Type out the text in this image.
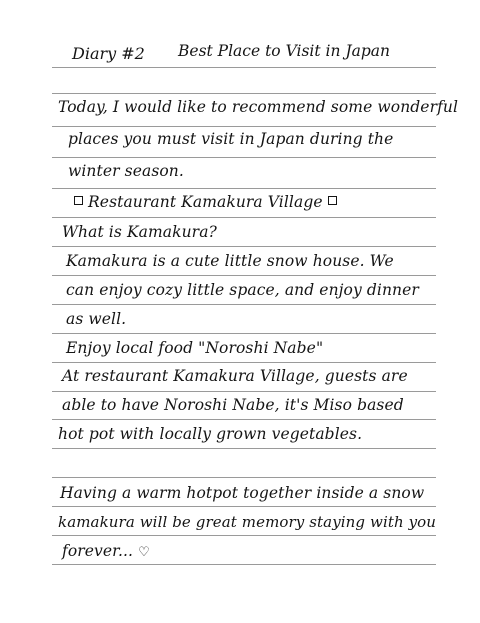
Diary #2 Best Place to Visit in Japan
Today, I would like to recommend some wonderful
places you must visit in Japan during the
winter season.
Restaurant Kamakura Village
What is Kamakura?
Kamakura is a cute little snow house. We
can enjoy cozy little space, and enjoy dinner
as well.
Enjoy local food "Noroshi Nabe"
At restaurant Kamakura Village, guests are
able to have Noroshi Nabe, it's Miso based
hot pot with locally grown vegetables.
Having a warm hotpot together inside a snow
kamakura will be great memory staying with you
forever... ♡
